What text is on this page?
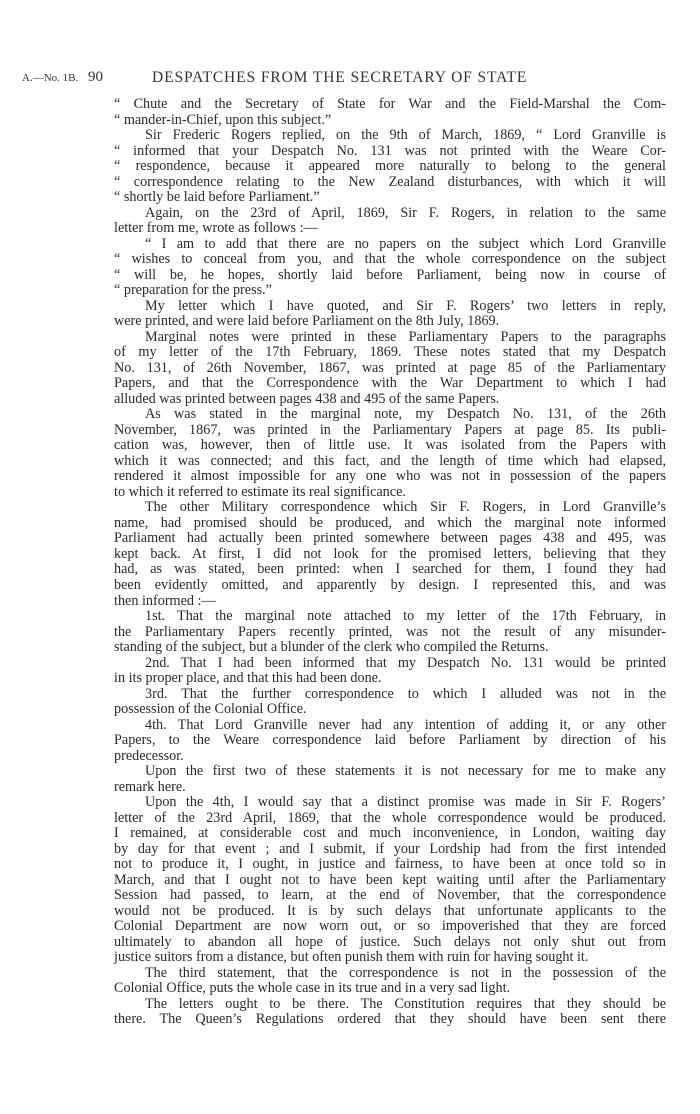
A.—No. 1B. 90	DESPATCHES FROM THE SECRETARY OF STATE
“ Chute and the Secretary of State for War and the Field-Marshal the Com-
“ mander-in-Chief, upon this subject.”
Sir Frederic Rogers replied, on the 9th of March, 1869, “ Lord Granville is
“ informed that your Despatch No. 131 was not printed with the Weare Cor-
“ respondence, because it appeared more naturally to belong to the general
“ correspondence relating to the New Zealand disturbances, with which it will
“ shortly be laid before Parliament.”
Again, on the 23rd of April, 1869, Sir F. Rogers, in relation to the same
letter from me, wrote as follows :—
“ I am to add that there are no papers on the subject which Lord Granville
“ wishes to conceal from you, and that the whole correspondence on the subject
“ will be, he hopes, shortly laid before Parliament, being now in course of
“ preparation for the press.”
My letter which I have quoted, and Sir F. Rogers’ two letters in reply,
were printed, and were laid before Parliament on the 8th July, 1869.
Marginal notes were printed in these Parliamentary Papers to the paragraphs
of my letter of the 17th February, 1869. These notes stated that my Despatch
No. 131, of 26th November, 1867, was printed at page 85 of the Parliamentary
Papers, and that the Correspondence with the War Department to which I had
alluded was printed between pages 438 and 495 of the same Papers.
As was stated in the marginal note, my Despatch No. 131, of the 26th
November, 1867, was printed in the Parliamentary Papers at page 85. Its publi-
cation was, however, then of little use. It was isolated from the Papers with
which it was connected; and this fact, and the length of time which had elapsed,
rendered it almost impossible for any one who was not in possession of the papers
to which it referred to estimate its real significance.
The other Military correspondence which Sir F. Rogers, in Lord Granville’s
name, had promised should be produced, and which the marginal note informed
Parliament had actually been printed somewhere between pages 438 and 495, was
kept back. At first, I did not look for the promised letters, believing that they
had, as was stated, been printed: when I searched for them, I found they had
been evidently omitted, and apparently by design. I represented this, and was
then informed :—
1st. That the marginal note attached to my letter of the 17th February, in
the Parliamentary Papers recently printed, was not the result of any misunder-
standing of the subject, but a blunder of the clerk who compiled the Returns.
2nd. That I had been informed that my Despatch No. 131 would be printed
in its proper place, and that this had been done.
3rd. That the further correspondence to which I alluded was not in the
possession of the Colonial Office.
4th. That Lord Granville never had any intention of adding it, or any other
Papers, to the Weare correspondence laid before Parliament by direction of his
predecessor.
Upon the first two of these statements it is not necessary for me to make any
remark here.
Upon the 4th, I would say that a distinct promise was made in Sir F. Rogers’
letter of the 23rd April, 1869, that the whole correspondence would be produced.
I remained, at considerable cost and much inconvenience, in London, waiting day
by day for that event ; and I submit, if your Lordship had from the first intended
not to produce it, I ought, in justice and fairness, to have been at once told so in
March, and that I ought not to have been kept waiting until after the Parliamentary
Session had passed, to learn, at the end of November, that the correspondence
would not be produced. It is by such delays that unfortunate applicants to the
Colonial Department are now worn out, or so impoverished that they are forced
ultimately to abandon all hope of justice. Such delays not only shut out from
justice suitors from a distance, but often punish them with ruin for having sought it.
The third statement, that the correspondence is not in the possession of the
Colonial Office, puts the whole case in its true and in a very sad light.
The letters ought to be there. The Constitution requires that they should be
there. The Queen’s Regulations ordered that they should have been sent there
